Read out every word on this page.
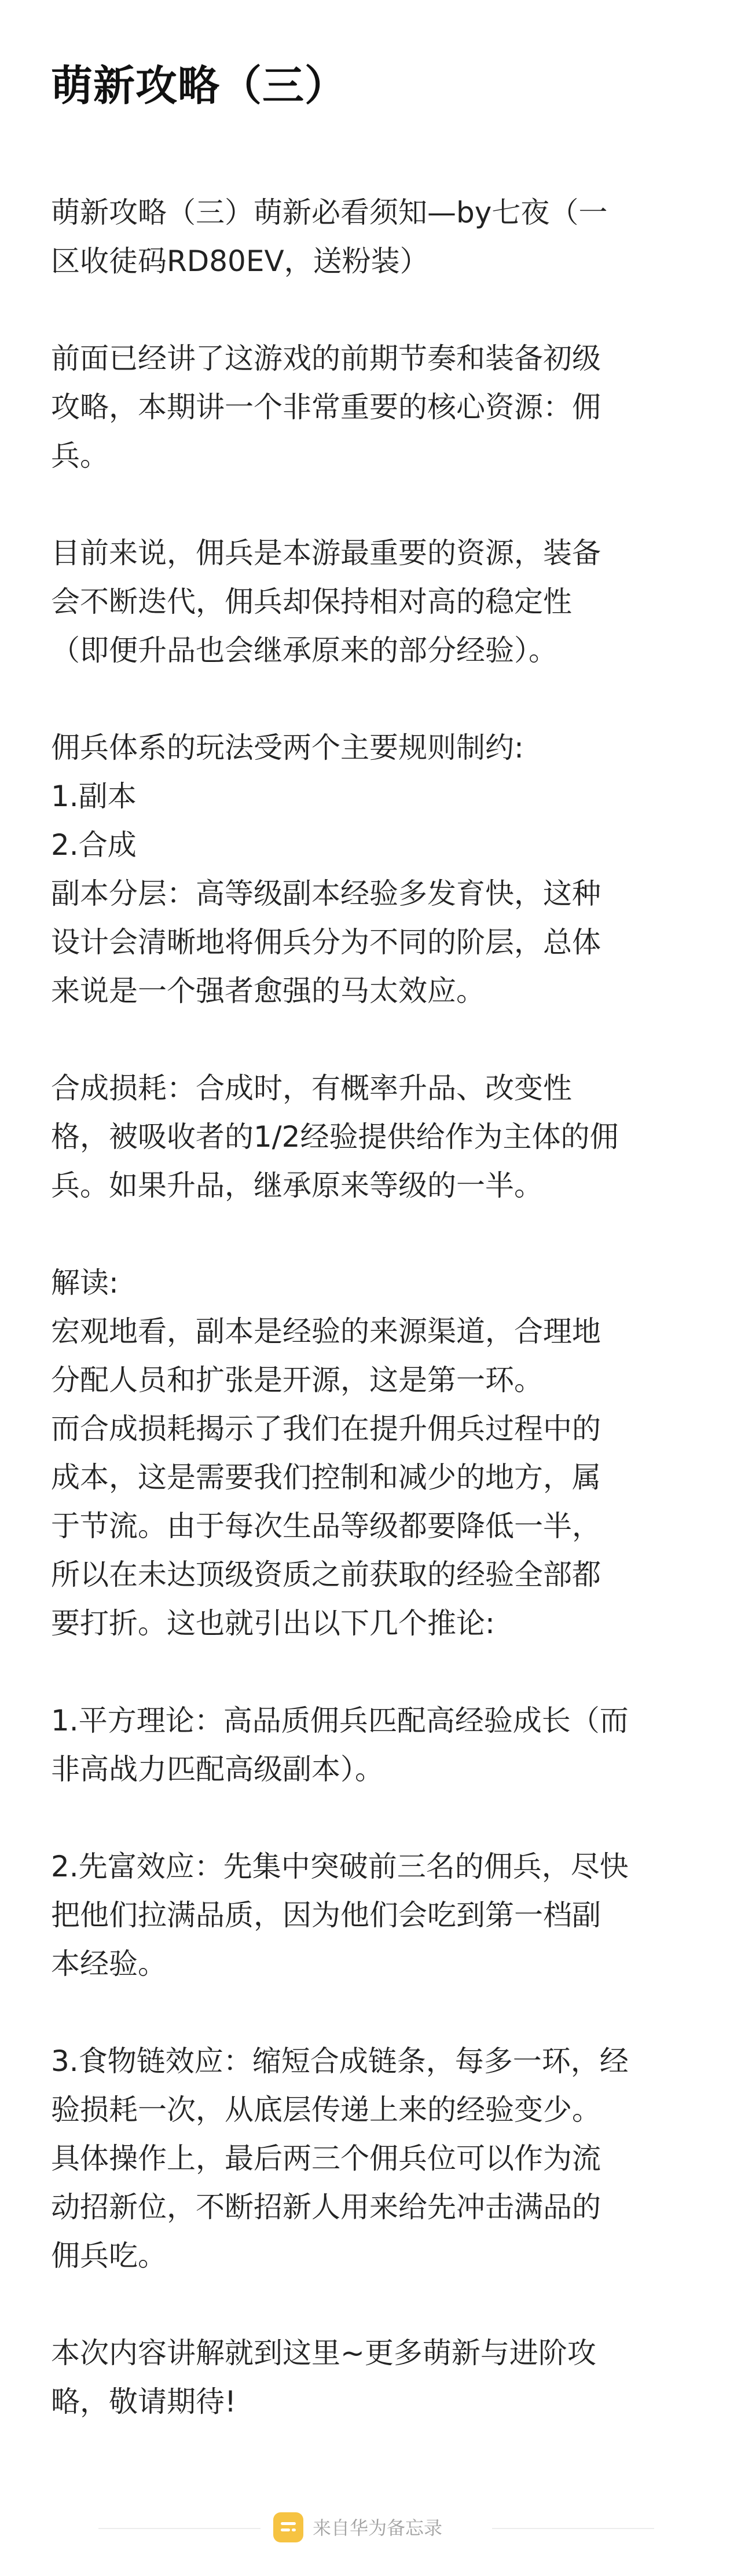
萌新攻略（三）
萌新攻略（三）萌新必看须知—by七夜（一
区收徒码RD80EV，送粉装）
前面已经讲了这游戏的前期节奏和装备初级
攻略，本期讲一个非常重要的核心资源：佣
兵。
目前来说，佣兵是本游最重要的资源，装备
会不断迭代，佣兵却保持相对高的稳定性
（即便升品也会继承原来的部分经验）。
佣兵体系的玩法受两个主要规则制约:
1.副本
2.合成
副本分层：高等级副本经验多发育快，这种
设计会清晰地将佣兵分为不同的阶层，总体
来说是一个强者愈强的马太效应。
合成损耗：合成时，有概率升品、改变性
格，被吸收者的1/2经验提供给作为主体的佣
兵。如果升品，继承原来等级的一半。
解读:
宏观地看，副本是经验的来源渠道，合理地
分配人员和扩张是开源，这是第一环。
而合成损耗揭示了我们在提升佣兵过程中的
成本，这是需要我们控制和减少的地方，属
于节流。由于每次生品等级都要降低一半，
所以在未达顶级资质之前获取的经验全部都
要打折。这也就引出以下几个推论:
1.平方理论：高品质佣兵匹配高经验成长（而
非高战力匹配高级副本）。
2.先富效应：先集中突破前三名的佣兵，尽快
把他们拉满品质，因为他们会吃到第一档副
本经验。
3.食物链效应：缩短合成链条，每多一环，经
验损耗一次，从底层传递上来的经验变少。
具体操作上，最后两三个佣兵位可以作为流
动招新位，不断招新人用来给先冲击满品的
佣兵吃。
本次内容讲解就到这里~更多萌新与进阶攻
略，敬请期待!
来自华为备忘录
